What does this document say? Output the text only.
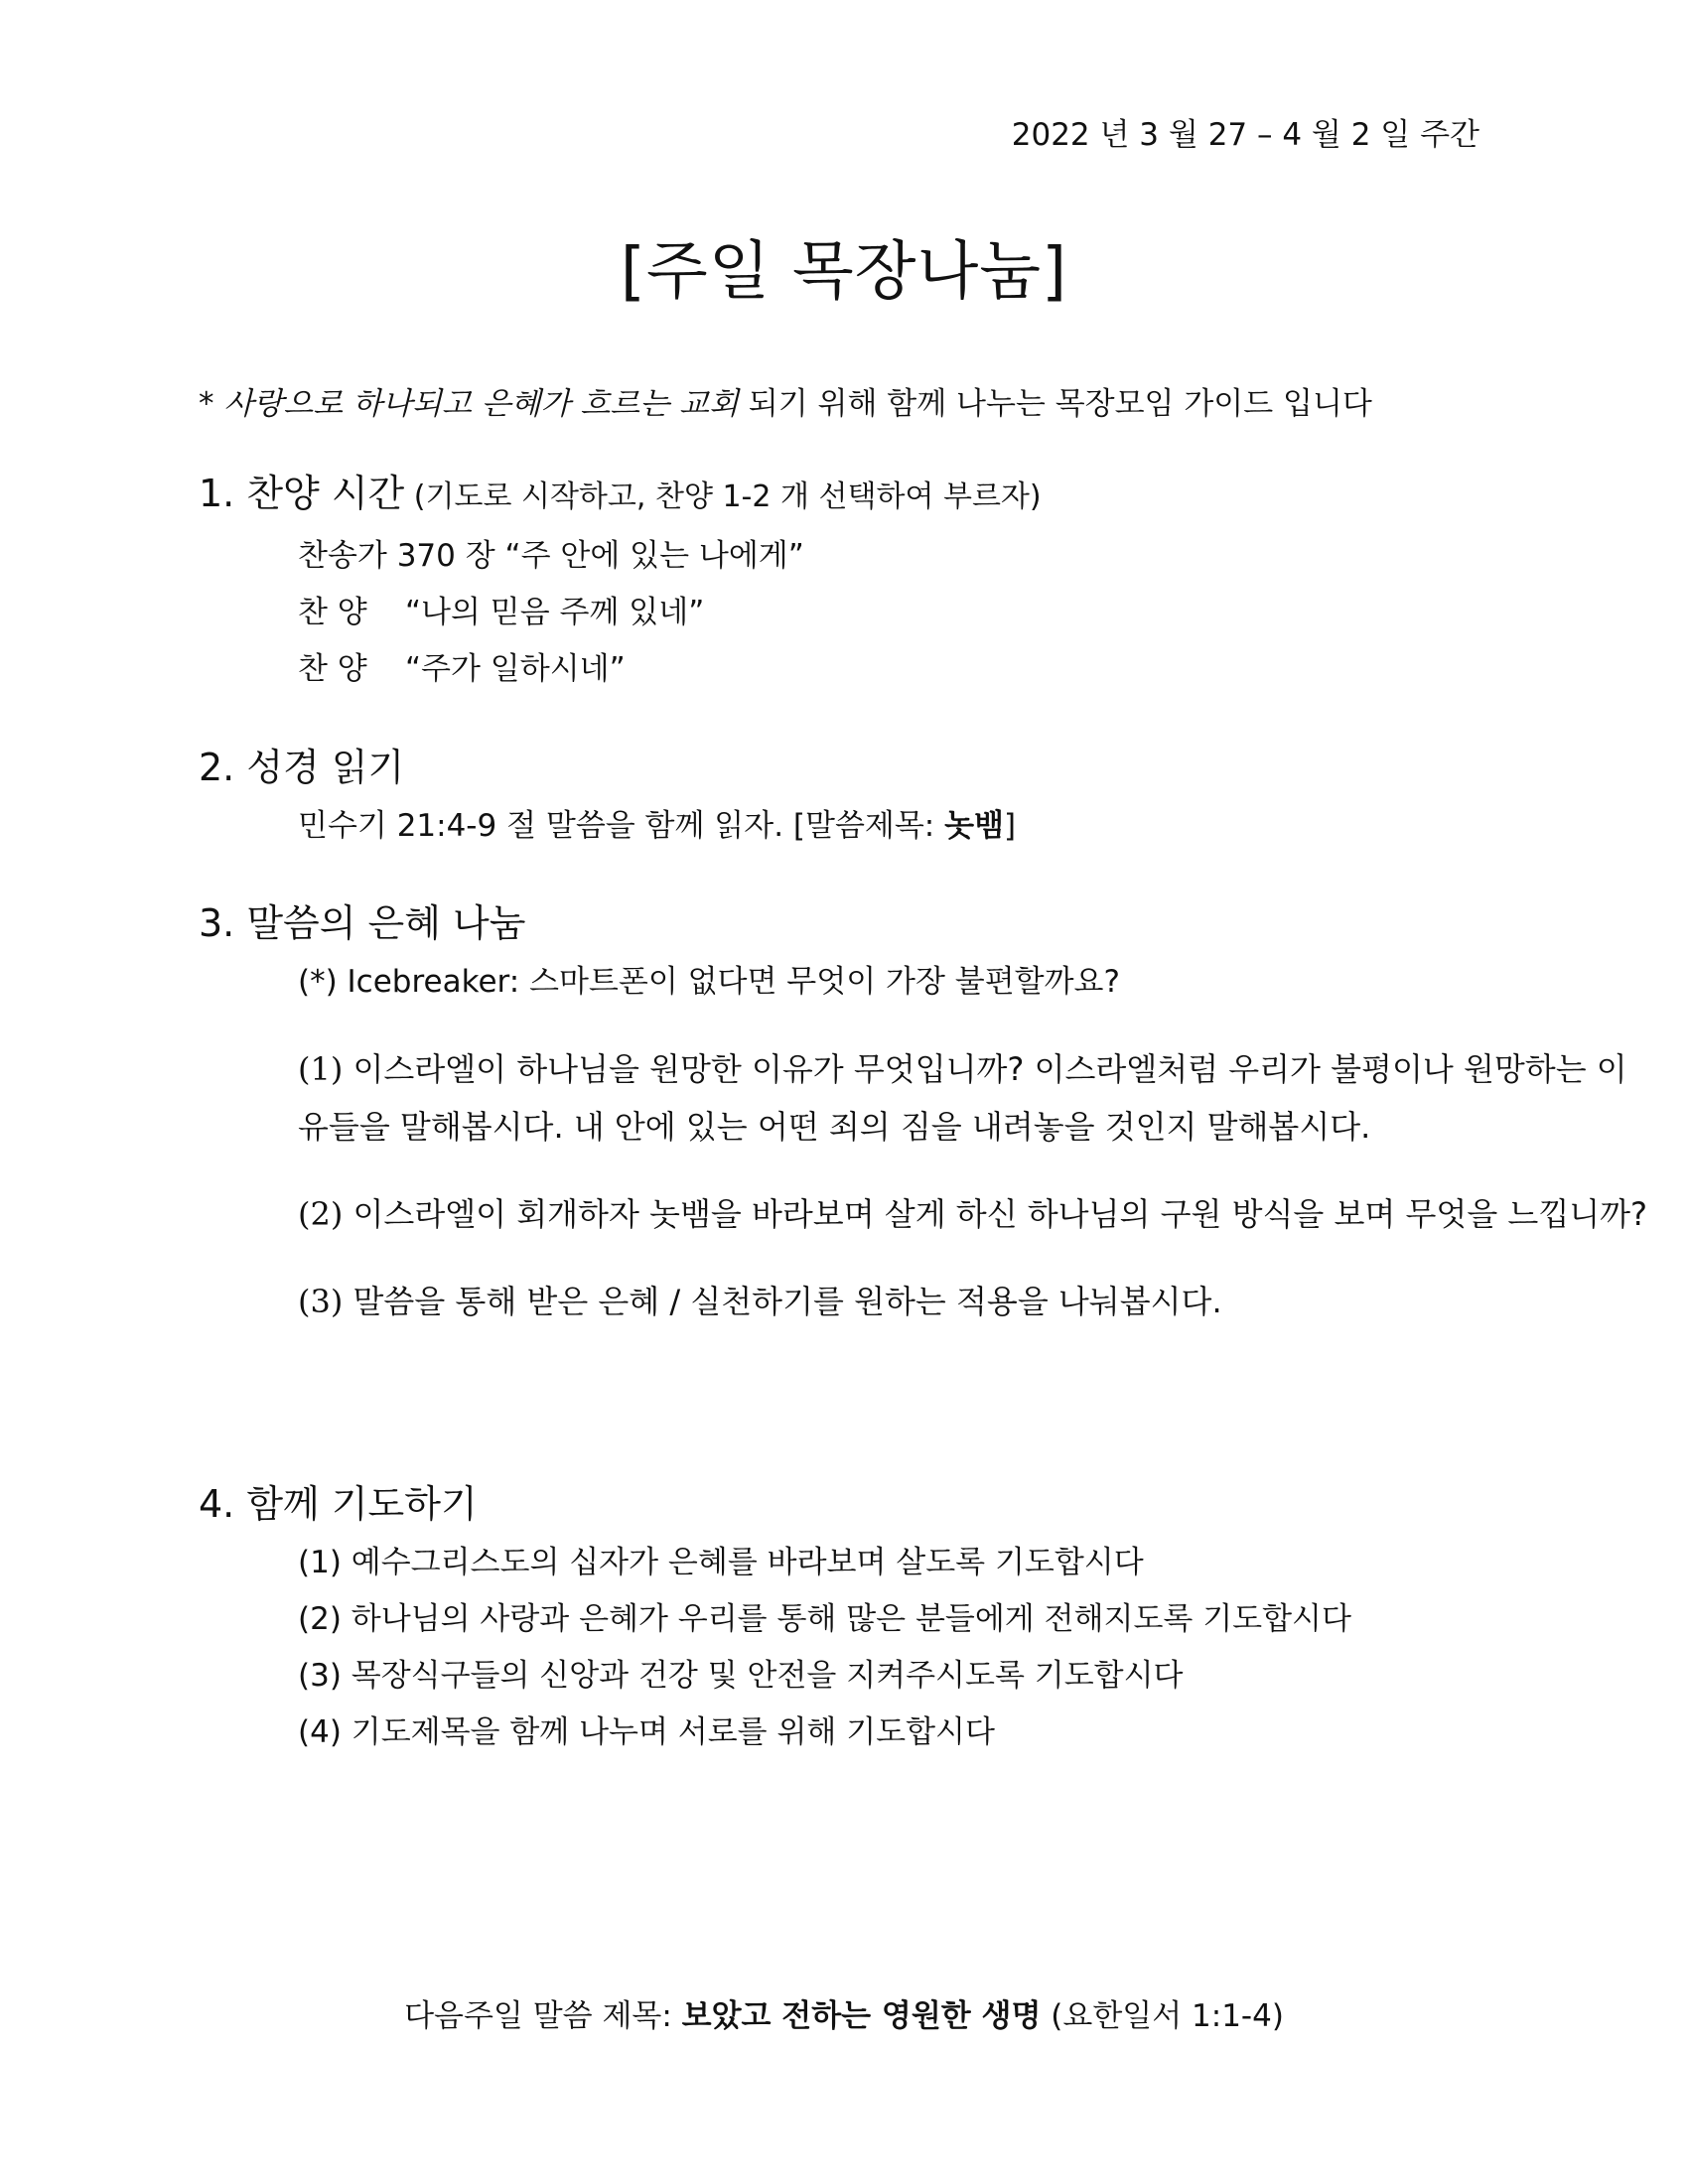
2022 년 3 월 27 – 4 월 2 일 주간
[주일 목장나눔]
* 사랑으로 하나되고 은혜가 흐르는 교회 되기 위해 함께 나누는 목장모임 가이드 입니다
1. 찬양 시간 (기도로 시작하고, 찬양 1-2 개 선택하여 부르자)
찬송가 370 장 “주 안에 있는 나에게”
찬 양 “나의 믿음 주께 있네”
찬 양 “주가 일하시네”
2. 성경 읽기
민수기 21:4-9 절 말씀을 함께 읽자. [말씀제목: 놋뱀]
3. 말씀의 은혜 나눔
(*) Icebreaker: 스마트폰이 없다면 무엇이 가장 불편할까요?
(1) 이스라엘이 하나님을 원망한 이유가 무엇입니까? 이스라엘처럼 우리가 불평이나 원망하는 이유들을 말해봅시다. 내 안에 있는 어떤 죄의 짐을 내려놓을 것인지 말해봅시다.
(2) 이스라엘이 회개하자 놋뱀을 바라보며 살게 하신 하나님의 구원 방식을 보며 무엇을 느낍니까?
(3) 말씀을 통해 받은 은혜 / 실천하기를 원하는 적용을 나눠봅시다.
4. 함께 기도하기
(1) 예수그리스도의 십자가 은혜를 바라보며 살도록 기도합시다
(2) 하나님의 사랑과 은혜가 우리를 통해 많은 분들에게 전해지도록 기도합시다
(3) 목장식구들의 신앙과 건강 및 안전을 지켜주시도록 기도합시다
(4) 기도제목을 함께 나누며 서로를 위해 기도합시다
다음주일 말씀 제목: 보았고 전하는 영원한 생명 (요한일서 1:1-4)
